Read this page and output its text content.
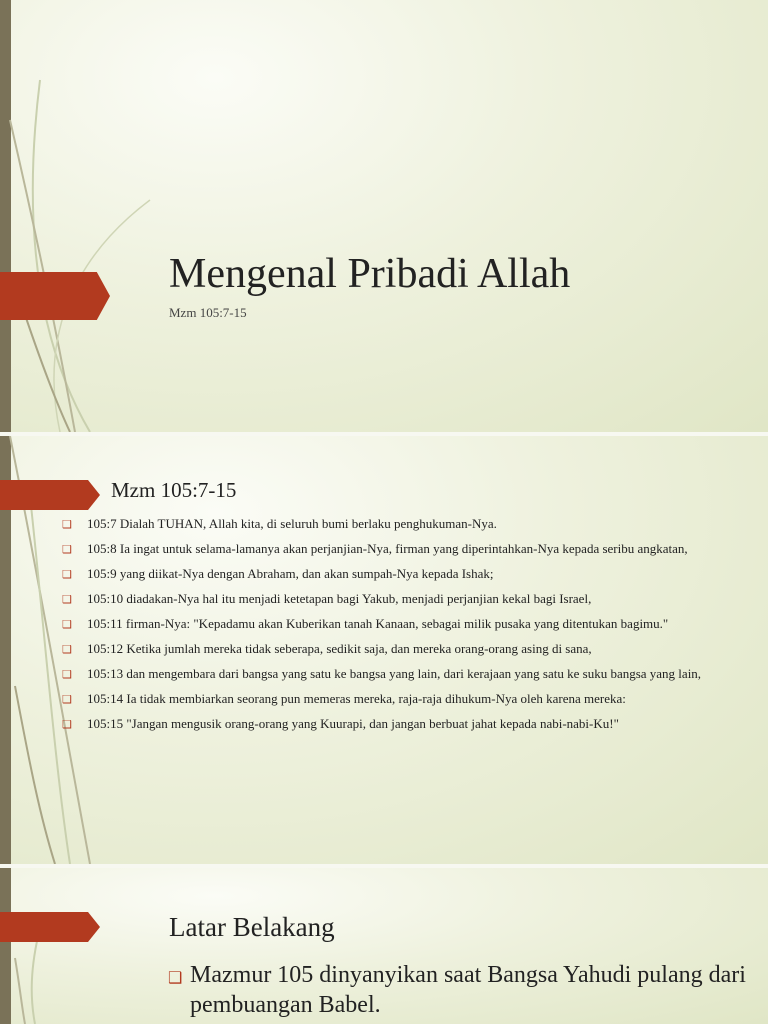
Mengenal Pribadi Allah
Mzm 105:7-15
Mzm 105:7-15
❑ 105:7 Dialah TUHAN, Allah kita, di seluruh bumi berlaku penghukuman-Nya.
❑ 105:8 Ia ingat untuk selama-lamanya akan perjanjian-Nya, firman yang diperintahkan-Nya kepada seribu angkatan,
❑ 105:9 yang diikat-Nya dengan Abraham, dan akan sumpah-Nya kepada Ishak;
❑ 105:10 diadakan-Nya hal itu menjadi ketetapan bagi Yakub, menjadi perjanjian kekal bagi Israel,
❑ 105:11 firman-Nya: "Kepadamu akan Kuberikan tanah Kanaan, sebagai milik pusaka yang ditentukan bagimu."
❑ 105:12 Ketika jumlah mereka tidak seberapa, sedikit saja, dan mereka orang-orang asing di sana,
❑ 105:13 dan mengembara dari bangsa yang satu ke bangsa yang lain, dari kerajaan yang satu ke suku bangsa yang lain,
❑ 105:14 Ia tidak membiarkan seorang pun memeras mereka, raja-raja dihukum-Nya oleh karena mereka:
❑ 105:15 "Jangan mengusik orang-orang yang Kuurapi, dan jangan berbuat jahat kepada nabi-nabi-Ku!"
Latar Belakang
❑ Mazmur 105 dinyanyikan saat Bangsa Yahudi pulang dari pembuangan Babel.
